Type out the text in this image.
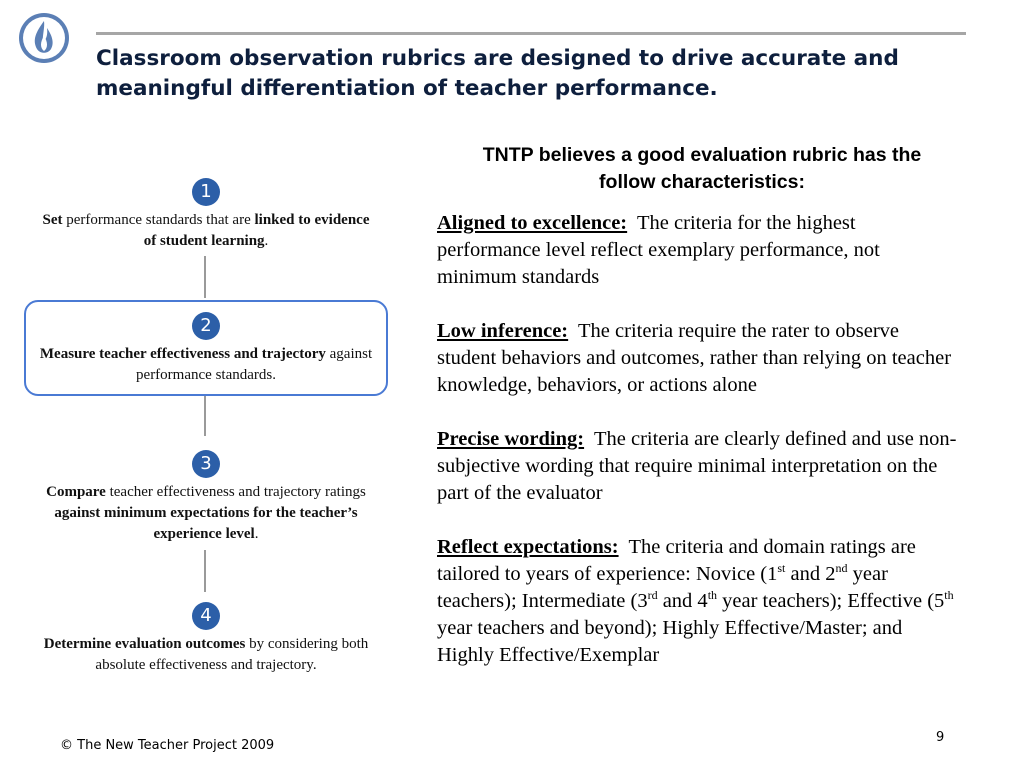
Classroom observation rubrics are designed to drive accurate and
meaningful differentiation of teacher performance.
1
Set performance standards that are linked to evidence of student learning.
2
Measure teacher effectiveness and trajectory against performance standards.
3
Compare teacher effectiveness and trajectory ratings against minimum expectations for the teacher’s experience level.
4
Determine evaluation outcomes by considering both absolute effectiveness and trajectory.
TNTP believes a good evaluation rubric has the
follow characteristics:

Aligned to excellence: The criteria for the highest performance level reflect exemplary performance, not minimum standards

Low inference: The criteria require the rater to observe student behaviors and outcomes, rather than relying on teacher knowledge, behaviors, or actions alone

Precise wording: The criteria are clearly defined and use non-subjective wording that require minimal interpretation on the part of the evaluator

Reflect expectations: The criteria and domain ratings are tailored to years of experience: Novice (1st and 2nd year teachers); Intermediate (3rd and 4th year teachers); Effective (5th year teachers and beyond); Highly Effective/Master; and Highly Effective/Exemplar

© The New Teacher Project 2009
9
